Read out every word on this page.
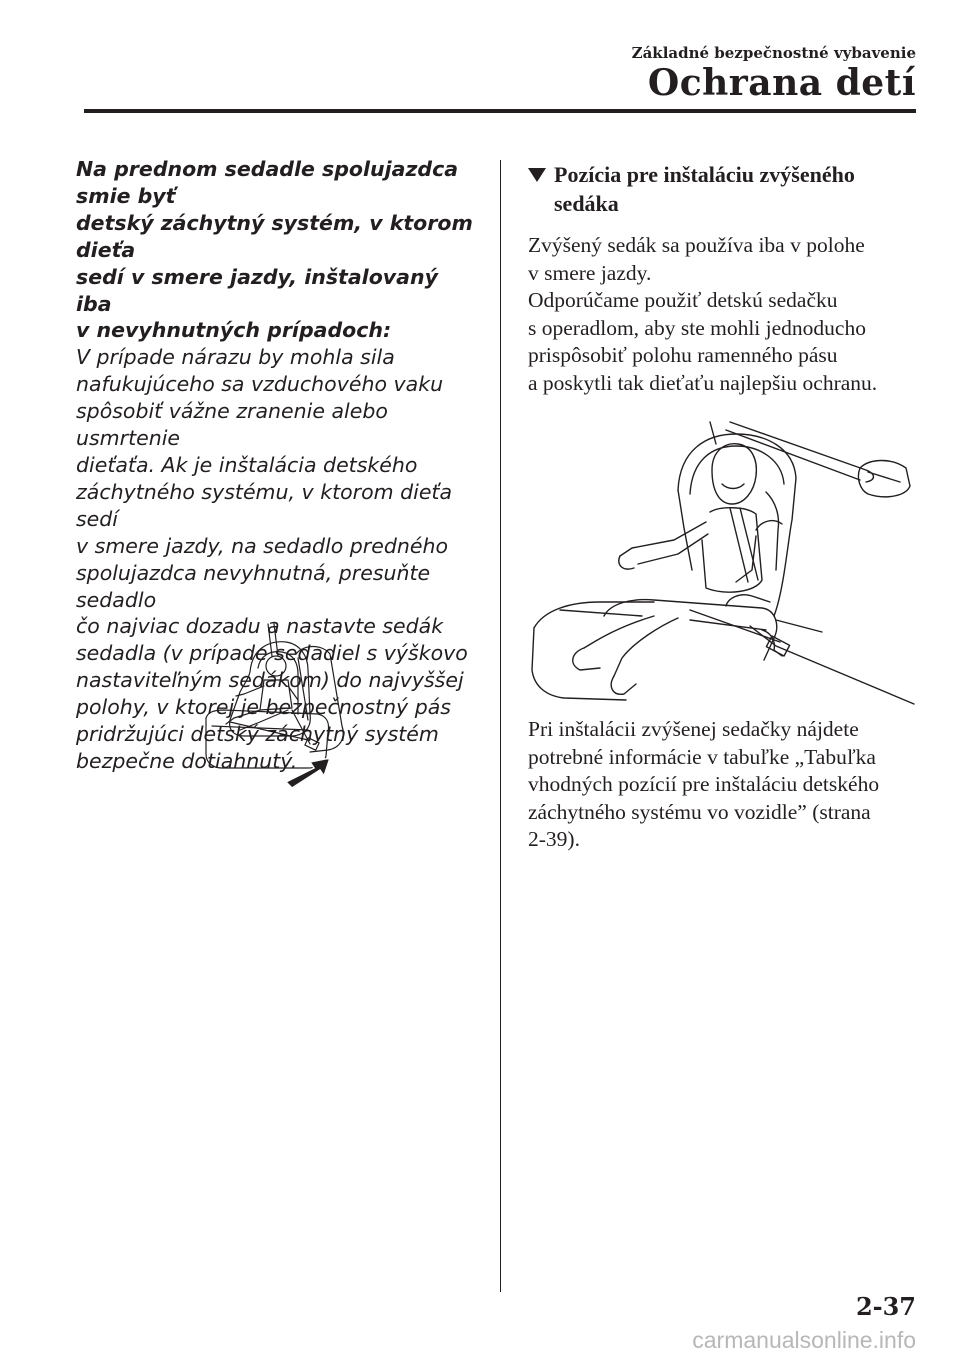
Základné bezpečnostné vybavenie
Ochrana detí

Na prednom sedadle spolujazdca smie byť
detský záchytný systém, v ktorom dieťa
sedí v smere jazdy, inštalovaný iba
v nevyhnutných prípadoch:

V prípade nárazu by mohla sila
nafukujúceho sa vzduchového vaku
spôsobiť vážne zranenie alebo usmrtenie
dieťaťa. Ak je inštalácia detského
záchytného systému, v ktorom dieťa sedí
v smere jazdy, na sedadlo predného
spolujazdca nevyhnutná, presuňte sedadlo
čo najviac dozadu a nastavte sedák
sedadla (v prípade sedadiel s výškovo
nastaviteľným sedákom) do najvyššej
polohy, v ktorej je bezpečnostný pás
pridržujúci detský záchytný systém
bezpečne dotiahnutý.

Pozícia pre inštaláciu zvýšeného
sedáka

Zvýšený sedák sa používa iba v polohe
v smere jazdy.
Odporúčame použiť detskú sedačku
s operadlom, aby ste mohli jednoducho
prispôsobiť polohu ramenného pásu
a poskytli tak dieťaťu najlepšiu ochranu.

Pri inštalácii zvýšenej sedačky nájdete
potrebné informácie v tabuľke „Tabuľka
vhodných pozícií pre inštaláciu detského
záchytného systému vo vozidle” (strana
2-39).

2-37
carmanualsonline.info
